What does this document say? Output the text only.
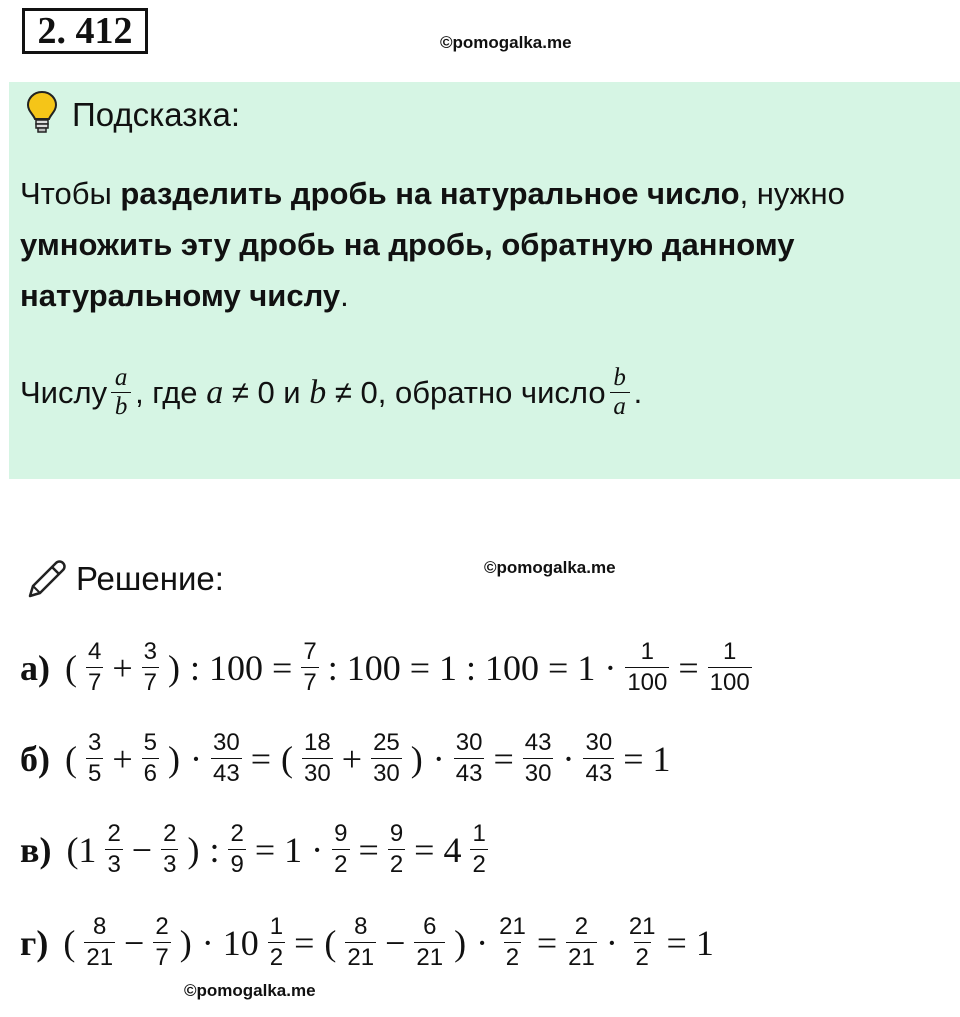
2. 412	©pomogalka.me
Подсказка:
Чтобы разделить дробь на натуральное число, нужно умножить эту дробь на дробь, обратную данному натуральному числу.
Числу a
b , где
a
≠ 0 и
b
≠ 0, обратно число b
a .
Решение:	©pomogalka.me
а) ( $\frac{4}{7} + \frac{3}{7}$ ) : $100 = \frac{7}{7}$ : 100 = 1 : $100 = 1 \cdot \frac{1}{100} = \frac{1}{100}$
б) ( $\frac{3}{5} + \frac{5}{6}$ ) · $\frac{30}{43}$ = ( $\frac{18}{30} + \frac{25}{30}$ ) · $\frac{30}{43} = \frac{43}{30} \cdot \frac{30}{43} = 1$
в) ($1 \frac{2}{3} - \frac{2}{3}$ ) : $\frac{2}{9} = 1 \cdot \frac{9}{2} = \frac{9}{2} = 4 \frac{1}{2}$
г) ( $\frac{8}{21} - \frac{2}{7}$ ) · $10 \frac{1}{2}$ = ( $\frac{8}{21} - \frac{6}{21}$ ) · $\frac{21}{2} = \frac{2}{21} \cdot \frac{21}{2} = 1$
©pomogalka.me
